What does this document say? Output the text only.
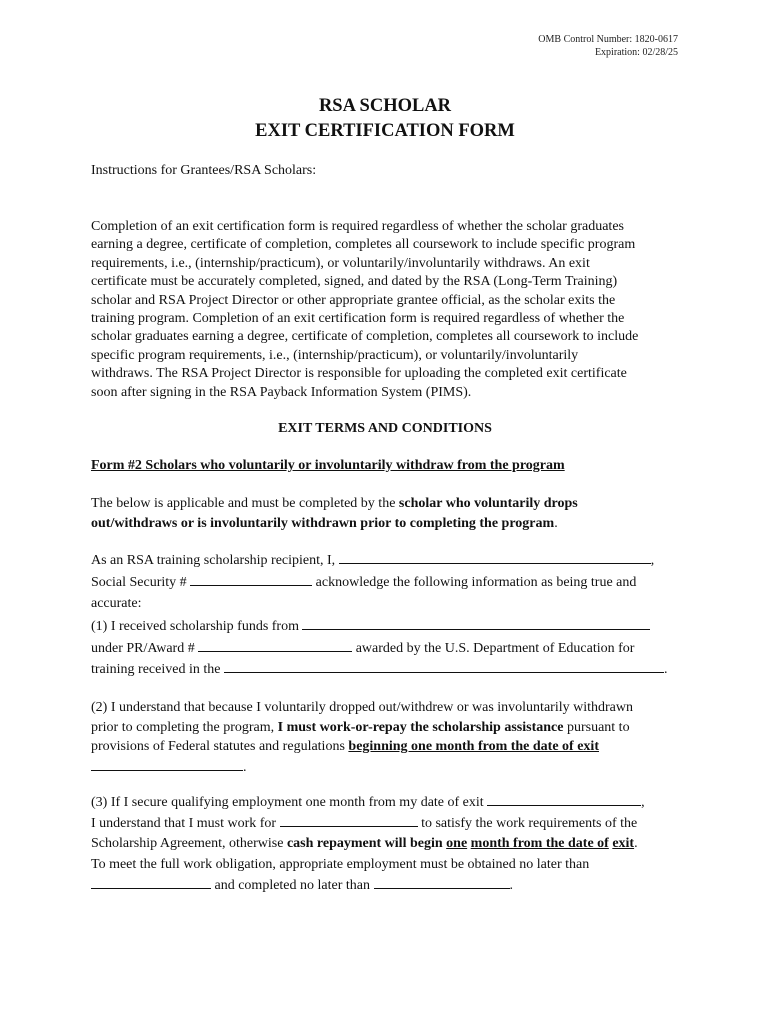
OMB Control Number: 1820-0617
Expiration: 02/28/25
RSA SCHOLAR
EXIT CERTIFICATION FORM
Instructions for Grantees/RSA Scholars:
Completion of an exit certification form is required regardless of whether the scholar graduates
earning a degree, certificate of completion, completes all coursework to include specific program
requirements, i.e., (internship/practicum), or voluntarily/involuntarily withdraws. An exit
certificate must be accurately completed, signed, and dated by the RSA (Long-Term Training)
scholar and RSA Project Director or other appropriate grantee official, as the scholar exits the
training program. Completion of an exit certification form is required regardless of whether the
scholar graduates earning a degree, certificate of completion, completes all coursework to include
specific program requirements, i.e., (internship/practicum), or voluntarily/involuntarily
withdraws. The RSA Project Director is responsible for uploading the completed exit certificate
soon after signing in the RSA Payback Information System (PIMS).
EXIT TERMS AND CONDITIONS
Form #2 Scholars who voluntarily or involuntarily withdraw from the program
The below is applicable and must be completed by the scholar who voluntarily drops
out/withdraws or is involuntarily withdrawn prior to completing the program.
As an RSA training scholarship recipient, I,	,
Social Security #	acknowledge the following information as being true and
accurate:
(1) I received scholarship funds from
under PR/Award #	awarded by the U.S. Department of Education for
training received in the	.
(2) I understand that because I voluntarily dropped out/withdrew or was involuntarily withdrawn
prior to completing the program, I must work-or-repay the scholarship assistance pursuant to
provisions of Federal statutes and regulations beginning one month from the date of exit
.
(3) If I secure qualifying employment one month from my date of exit	,
I understand that I must work for	to satisfy the work requirements of the
Scholarship Agreement, otherwise cash repayment will begin one month from the date of exit.
To meet the full work obligation, appropriate employment must be obtained no later than
and completed no later than	.
